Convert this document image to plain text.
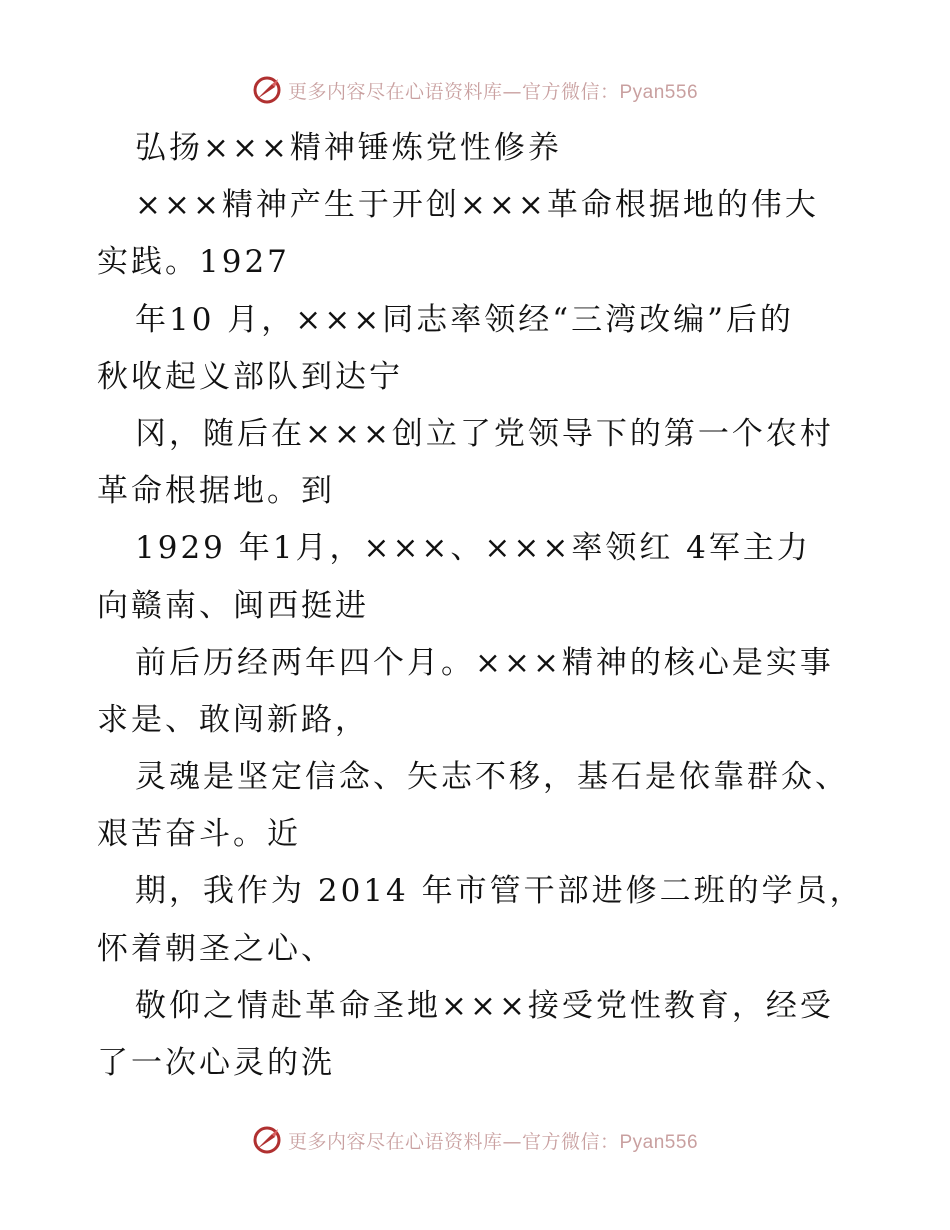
更多内容尽在心语资料库—官方微信：Pyan556
弘扬×××精神锤炼党性修养
×××精神产生于开创×××革命根据地的伟大
实践。1927
年10 月，×××同志率领经“三湾改编”后的
秋收起义部队到达宁
冈，随后在×××创立了党领导下的第一个农村
革命根据地。到
1929 年1月，×××、×××率领红 4军主力
向赣南、闽西挺进
前后历经两年四个月。×××精神的核心是实事
求是、敢闯新路，
灵魂是坚定信念、矢志不移，基石是依靠群众、
艰苦奋斗。近
期，我作为 2014 年市管干部进修二班的学员，
怀着朝圣之心、
敬仰之情赴革命圣地×××接受党性教育，经受
了一次心灵的洗
更多内容尽在心语资料库—官方微信：Pyan556
